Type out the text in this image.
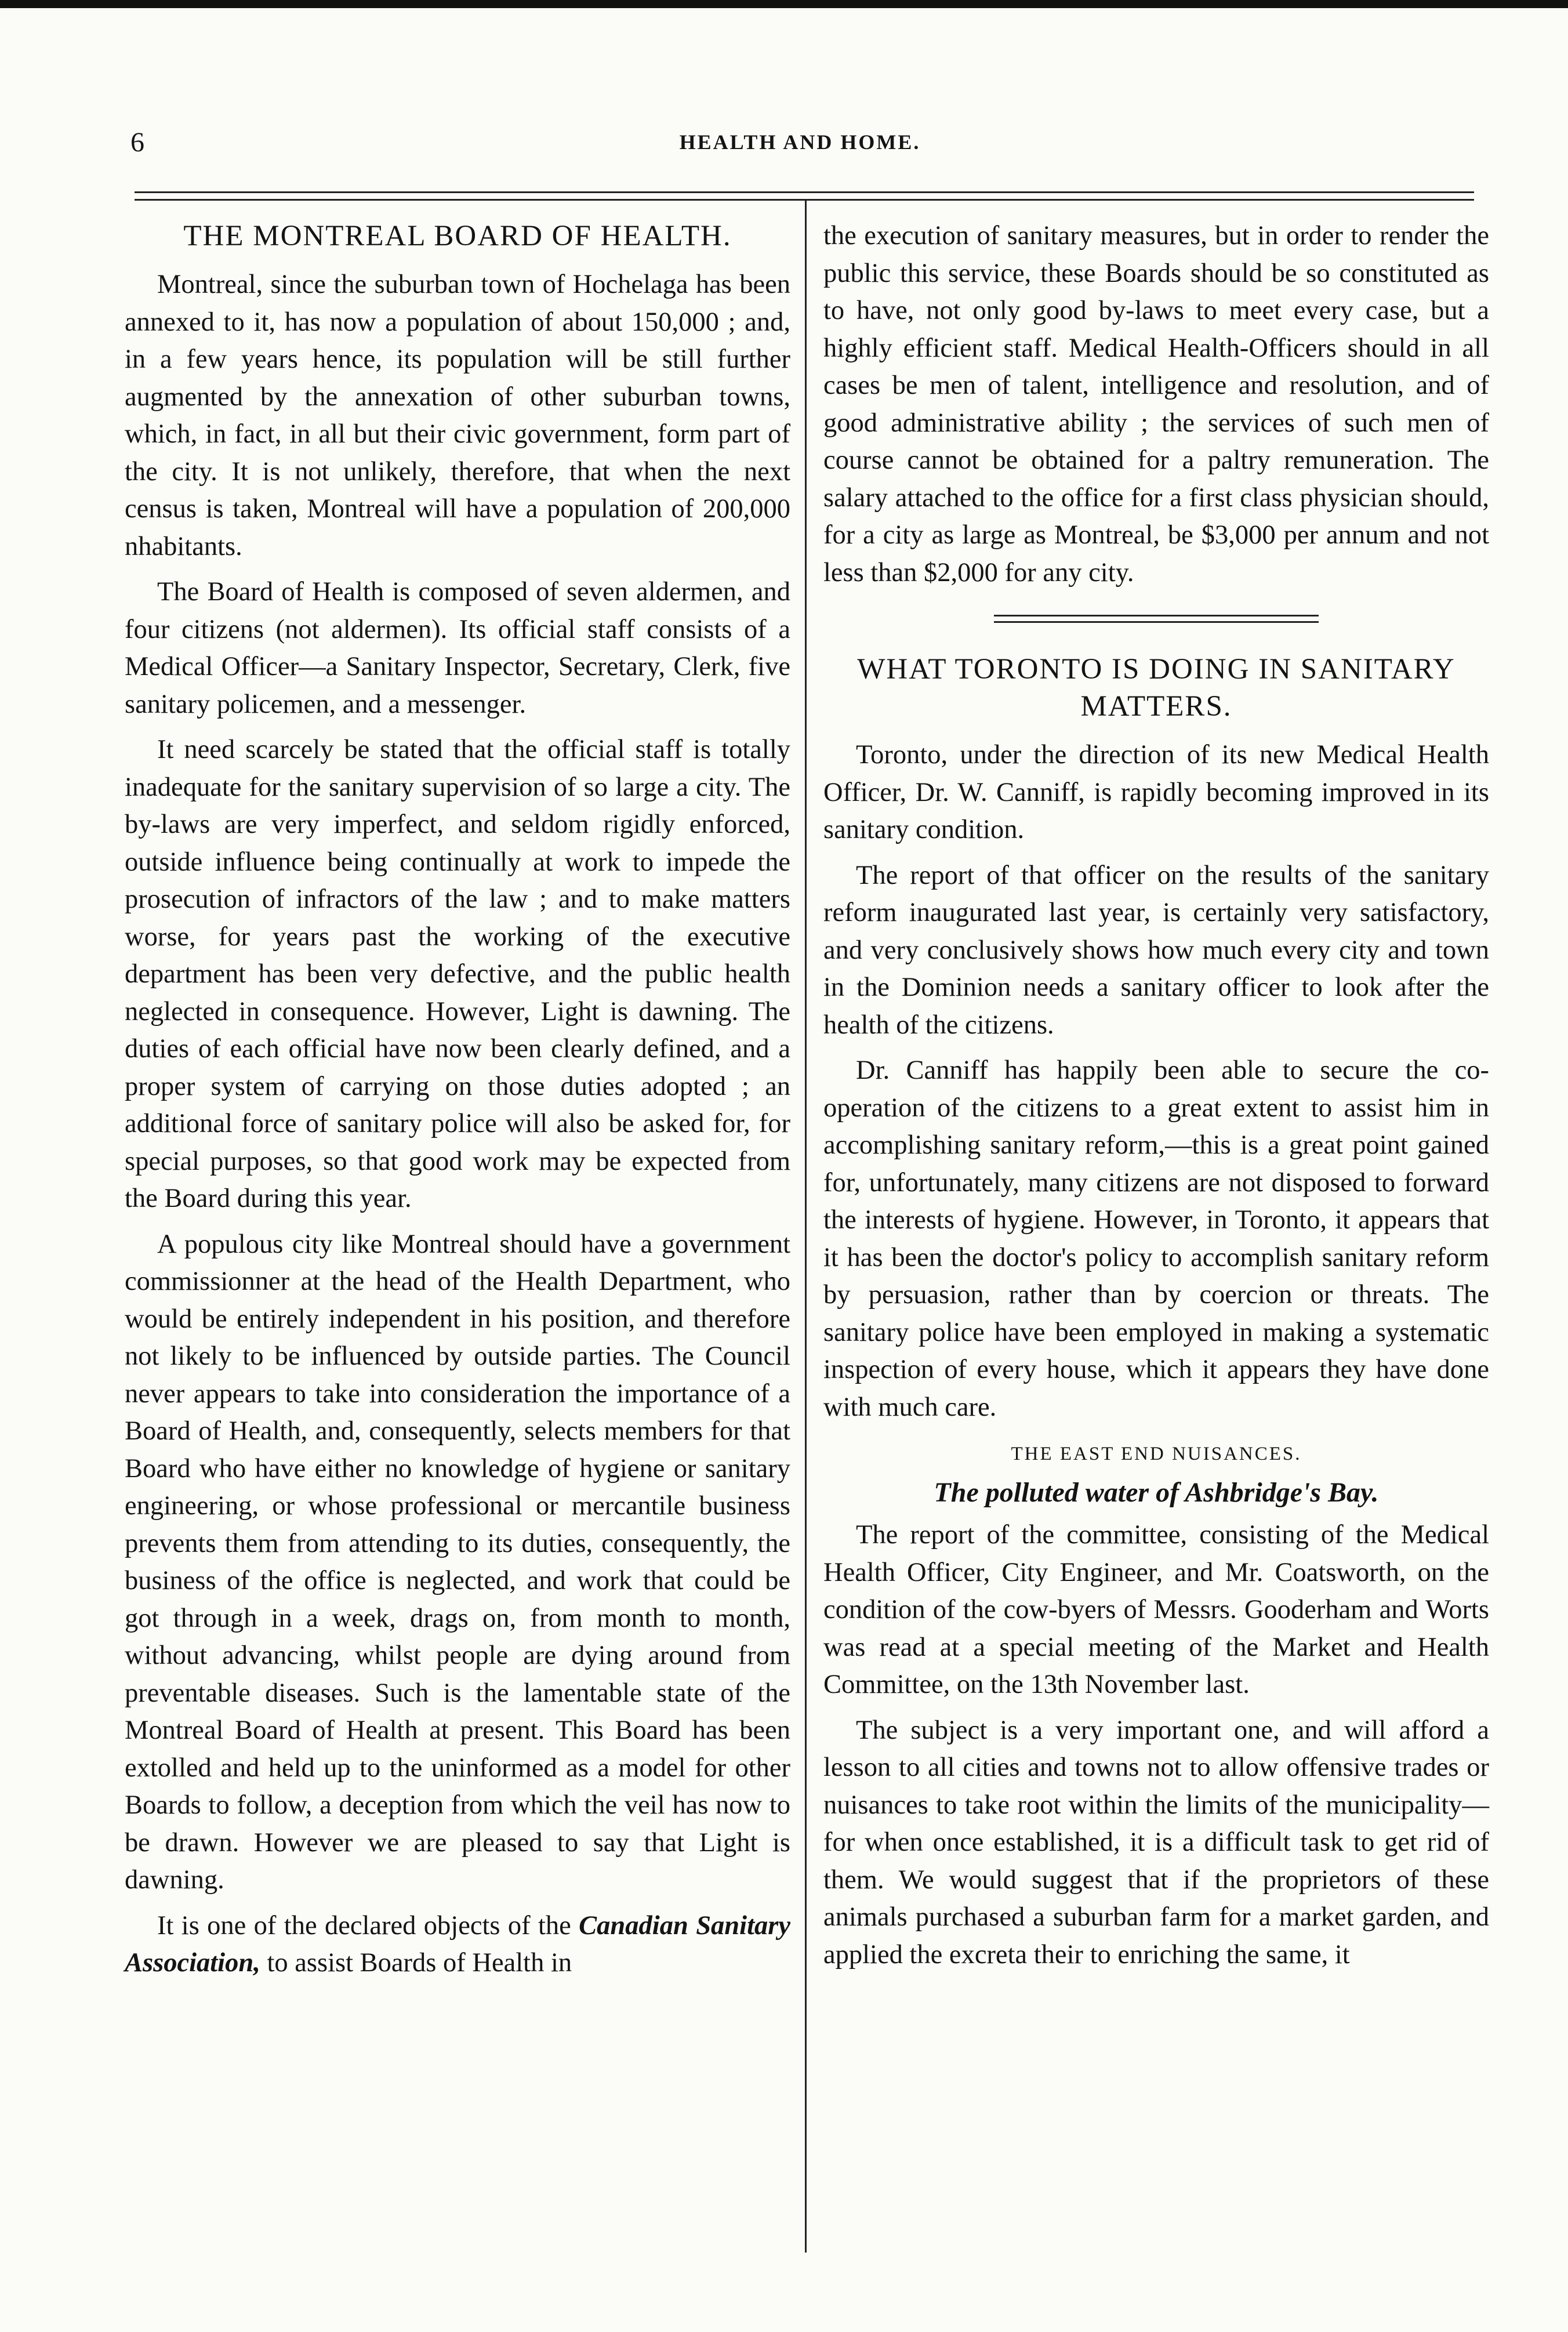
6	HEALTH AND HOME.
THE MONTREAL BOARD OF HEALTH.

Montreal, since the suburban town of Hochelaga has been annexed to it, has now a population of about 150,000 ; and, in a few years hence, its population will be still further augmented by the annexation of other suburban towns, which, in fact, in all but their civic government, form part of the city. It is not unlikely, therefore, that when the next census is taken, Montreal will have a population of 200,000 nhabitants.

The Board of Health is composed of seven aldermen, and four citizens (not aldermen). Its official staff consists of a Medical Officer—a Sanitary Inspector, Secretary, Clerk, five sanitary policemen, and a messenger.

It need scarcely be stated that the official staff is totally inadequate for the sanitary supervision of so large a city. The by-laws are very imperfect, and seldom rigidly enforced, outside influence being continually at work to impede the prosecution of infractors of the law ; and to make matters worse, for years past the working of the executive department has been very defective, and the public health neglected in consequence. However, Light is dawning. The duties of each official have now been clearly defined, and a proper system of carrying on those duties adopted ; an additional force of sanitary police will also be asked for, for special purposes, so that good work may be expected from the Board during this year.

A populous city like Montreal should have a government commissionner at the head of the Health Department, who would be entirely independent in his position, and therefore not likely to be influenced by outside parties. The Council never appears to take into consideration the importance of a Board of Health, and, consequently, selects members for that Board who have either no knowledge of hygiene or sanitary engineering, or whose professional or mercantile business prevents them from attending to its duties, consequently, the business of the office is neglected, and work that could be got through in a week, drags on, from month to month, without advancing, whilst people are dying around from preventable diseases. Such is the lamentable state of the Montreal Board of Health at present. This Board has been extolled and held up to the uninformed as a model for other Boards to follow, a deception from which the veil has now to be drawn. However we are pleased to say that Light is dawning.

It is one of the declared objects of the Canadian Sanitary Association, to assist Boards of Health in

the execution of sanitary measures, but in order to render the public this service, these Boards should be so constituted as to have, not only good by-laws to meet every case, but a highly efficient staff. Medical Health-Officers should in all cases be men of talent, intelligence and resolution, and of good administrative ability ; the services of such men of course cannot be obtained for a paltry remuneration. The salary attached to the office for a first class physician should, for a city as large as Montreal, be $3,000 per annum and not less than $2,000 for any city.

WHAT TORONTO IS DOING IN SANITARY MATTERS.

Toronto, under the direction of its new Medical Health Officer, Dr. W. Canniff, is rapidly becoming improved in its sanitary condition.

The report of that officer on the results of the sanitary reform inaugurated last year, is certainly very satisfactory, and very conclusively shows how much every city and town in the Dominion needs a sanitary officer to look after the health of the citizens.

Dr. Canniff has happily been able to secure the co-operation of the citizens to a great extent to assist him in accomplishing sanitary reform,—this is a great point gained for, unfortunately, many citizens are not disposed to forward the interests of hygiene. However, in Toronto, it appears that it has been the doctor's policy to accomplish sanitary reform by persuasion, rather than by coercion or threats. The sanitary police have been employed in making a systematic inspection of every house, which it appears they have done with much care.

THE EAST END NUISANCES.
The polluted water of Ashbridge's Bay.

The report of the committee, consisting of the Medical Health Officer, City Engineer, and Mr. Coatsworth, on the condition of the cow-byers of Messrs. Gooderham and Worts was read at a special meeting of the Market and Health Committee, on the 13th November last.

The subject is a very important one, and will afford a lesson to all cities and towns not to allow offensive trades or nuisances to take root within the limits of the municipality—for when once established, it is a difficult task to get rid of them. We would suggest that if the proprietors of these animals purchased a suburban farm for a market garden, and applied the excreta their to enriching the same, it
